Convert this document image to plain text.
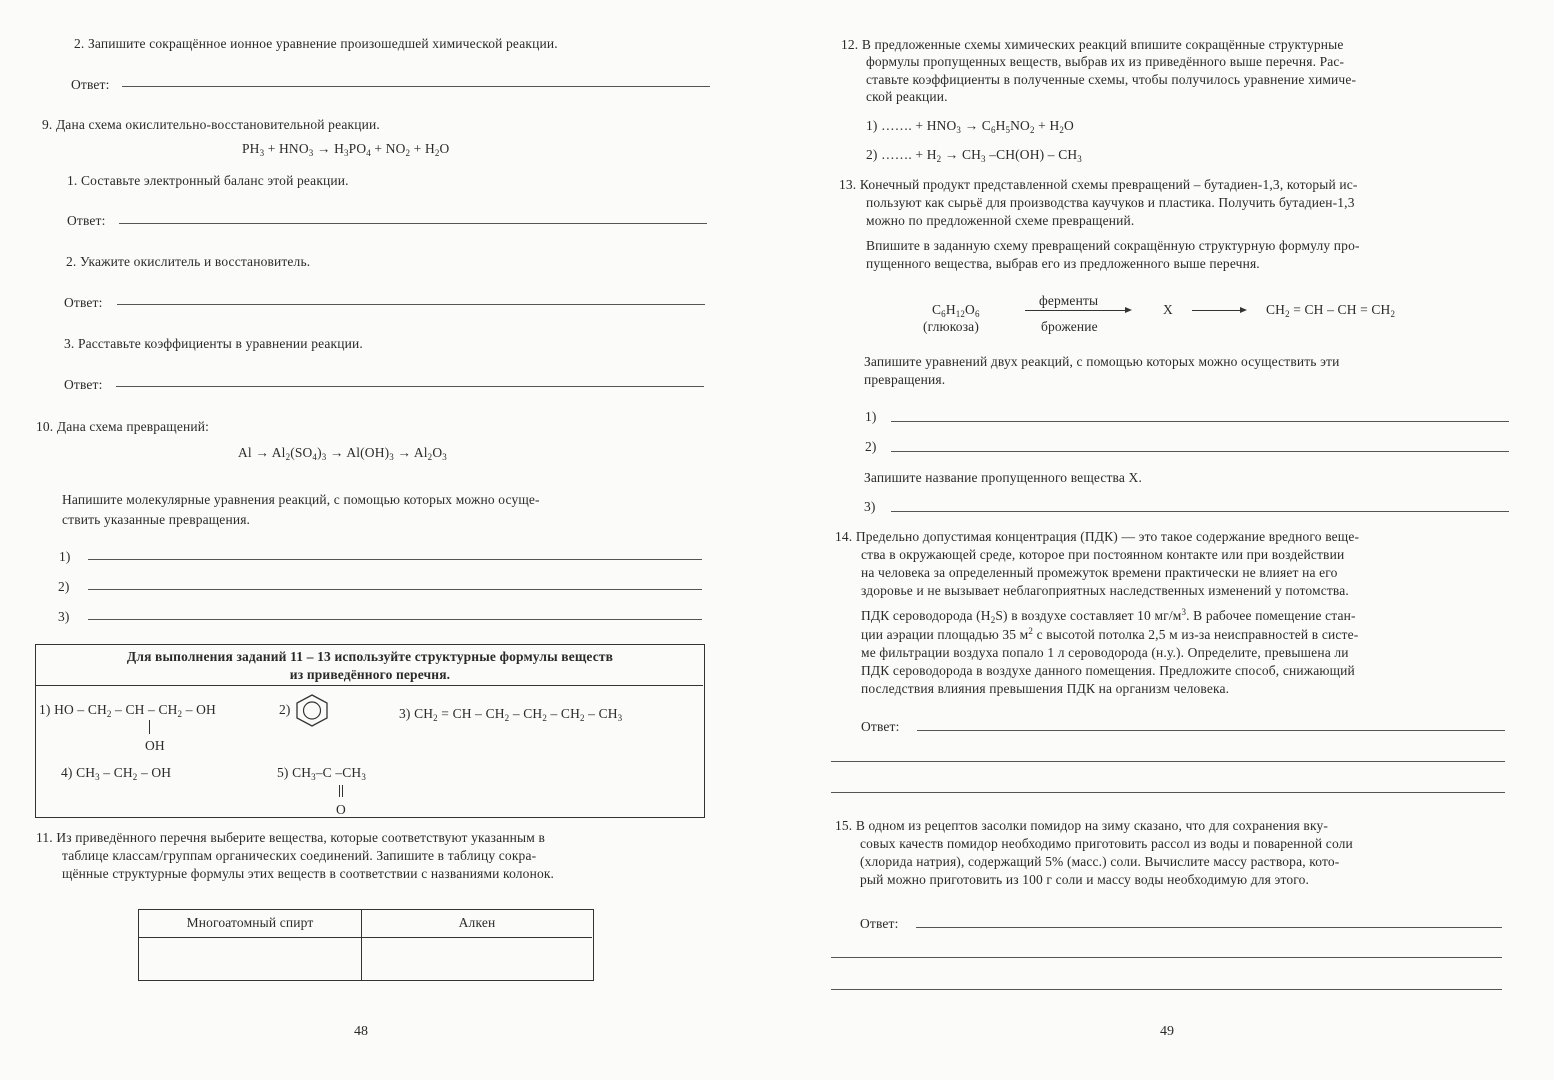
2. Запишите сокращённое ионное уравнение произошедшей химической реакции.
Ответ:
9. Дана схема окислительно-восстановительной реакции.
$PH_3 + HNO_3 \to H_3PO_4 + NO_2 + H_2O$
1. Составьте электронный баланс этой реакции.
Ответ:
2. Укажите окислитель и восстановитель.
Ответ:
3. Расставьте коэффициенты в уравнении реакции.
Ответ:
10. Дана схема превращений:
$Al \to Al_2(SO_4)_3 \to Al(OH)_3 \to Al_2O_3$
Напишите молекулярные уравнения реакций, с помощью которых можно осуще-
ствить указанные превращения.
1)
2)
3)
Для выполнения заданий 11 – 13 используйте структурные формулы веществ
из приведённого перечня.
1) HO – $CH_2$ – CH – $CH_2$ – OH
OH
2)	3) $CH_2$ = CH – $CH_2 - CH_2 - CH_2 - CH_3$
4) $CH_3 - CH_2$ – OH	5) $CH_3-C$ $-CH_3$
O
11. Из приведённого перечня выберите вещества, которые соответствуют указанным в
таблице классам/группам органических соединений. Запишите в таблицу сокра-
щённые структурные формулы этих веществ в соответствии с названиями колонок.
Многоатомный спирт	Алкен
48
12. В предложенные схемы химических реакций впишите сокращённые структурные
формулы пропущенных веществ, выбрав их из приведённого выше перечня. Рас-
ставьте коэффициенты в полученные схемы, чтобы получилось уравнение химиче-
ской реакции.
1) ……. + $HNO_3 \to C_6H_5NO_2 + H_2O$
2) ……. + $H_2 \to CH_3$ $-CH(OH) - CH_3$
13. Конечный продукт представленной схемы превращений – бутадиен-1,3, который ис-
пользуют как сырьё для производства каучуков и пластика. Получить бутадиен-1,3
можно по предложенной схеме превращений.
Впишите в заданную схему превращений сокращённую структурную формулу про-
пущенного вещества, выбрав его из предложенного выше перечня.
$C_6H_{12}O_6$
(глюкоза)
ферменты
брожение
X	$CH_2$ = CH – CH = $CH_2$
Запишите уравнений двух реакций, с помощью которых можно осуществить эти
превращения.
1)
2)
Запишите название пропущенного вещества X.
3)
14. Предельно допустимая концентрация (ПДК) — это такое содержание вредного веще-
ства в окружающей среде, которое при постоянном контакте или при воздействии
на человека за определенный промежуток времени практически не влияет на его
здоровье и не вызывает неблагоприятных наследственных изменений у потомства.
ПДК сероводорода $(H_2S)$ в воздухе составляет 10 $мг/м^3$. В рабочее помещение стан-
ции аэрации площадью 35 $м^2$ с высотой потолка 2,5 м из-за неисправностей в систе-
ме фильтрации воздуха попало 1 л сероводорода (н.у.). Определите, превышена ли
ПДК сероводорода в воздухе данного помещения. Предложите способ, снижающий
последствия влияния превышения ПДК на организм человека.
Ответ:
15. В одном из рецептов засолки помидор на зиму сказано, что для сохранения вку-
совых качеств помидор необходимо приготовить рассол из воды и поваренной соли
(хлорида натрия), содержащий 5% (масс.) соли. Вычислите массу раствора, кото-
рый можно приготовить из 100 г соли и массу воды необходимую для этого.
Ответ:
49
